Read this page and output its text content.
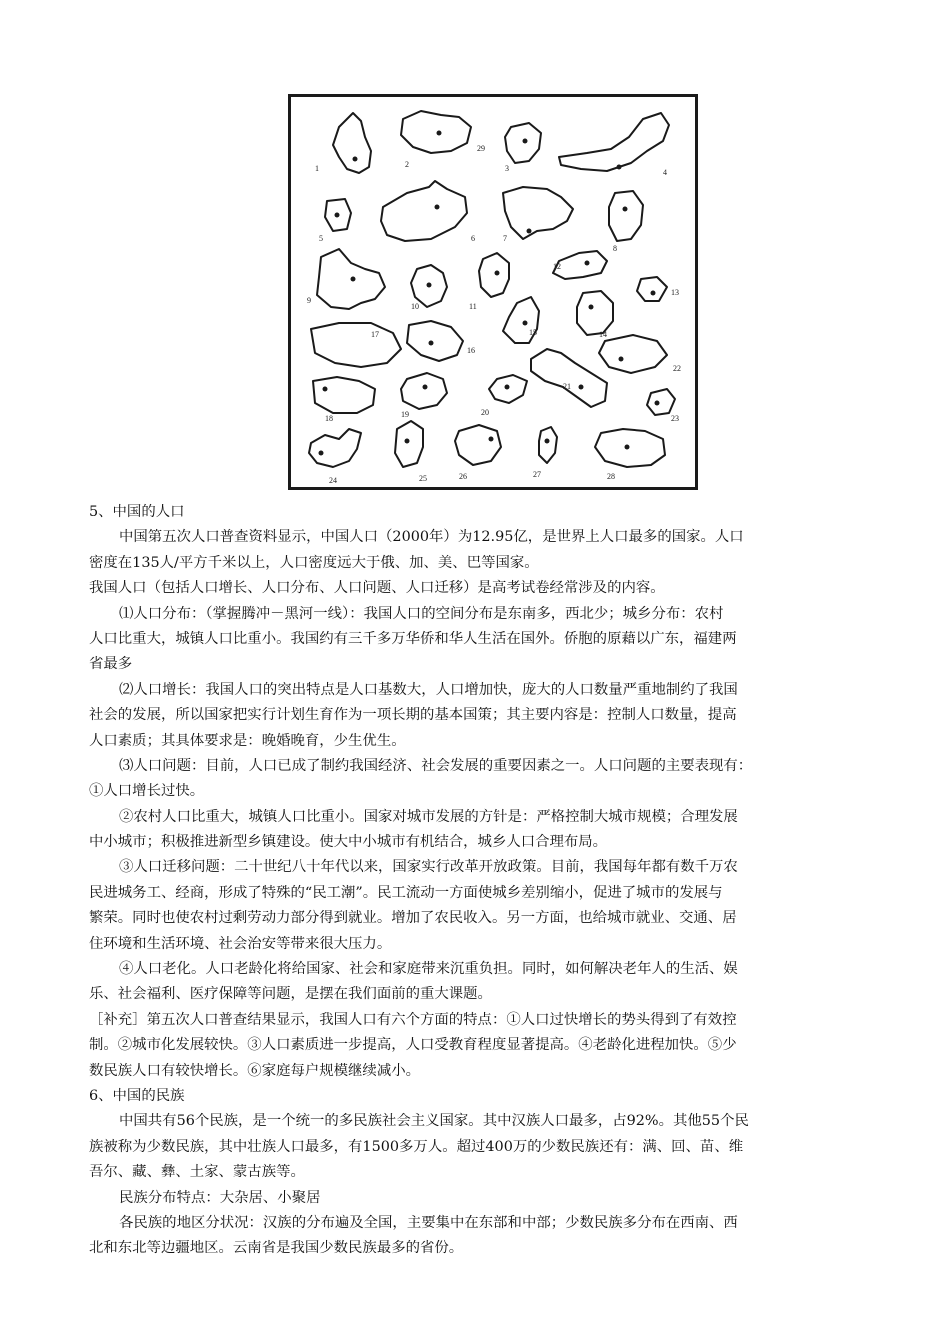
1	2
29
3	4
5	6	7
8
9
10	11
12
13
14
15
16
17
18	19	20
21
22
23
24	25	26	27	28
5、中国的人口
中国第五次人口普查资料显示，中国人口（2000年）为12.95亿，是世界上人口最多的国家。人口
密度在135人/平方千米以上，人口密度远大于俄、加、美、巴等国家。
我国人口（包括人口增长、人口分布、人口问题、人口迁移）是高考试卷经常涉及的内容。
⑴人口分布：（掌握腾冲－黑河一线）：我国人口的空间分布是东南多，西北少；城乡分布：农村
人口比重大，城镇人口比重小。我国约有三千多万华侨和华人生活在国外。侨胞的原藉以广东，福建两
省最多
⑵人口增长：我国人口的突出特点是人口基数大，人口增加快，庞大的人口数量严重地制约了我国
社会的发展，所以国家把实行计划生育作为一项长期的基本国策；其主要内容是：控制人口数量，提高
人口素质；其具体要求是：晚婚晚育，少生优生。
⑶人口问题：目前，人口已成了制约我国经济、社会发展的重要因素之一。人口问题的主要表现有：
①人口增长过快。
②农村人口比重大，城镇人口比重小。国家对城市发展的方针是：严格控制大城市规模；合理发展
中小城市；积极推进新型乡镇建设。使大中小城市有机结合，城乡人口合理布局。
③人口迁移问题：二十世纪八十年代以来，国家实行改革开放政策。目前，我国每年都有数千万农
民进城务工、经商，形成了特殊的“民工潮”。民工流动一方面使城乡差别缩小，促进了城市的发展与
繁荣。同时也使农村过剩劳动力部分得到就业。增加了农民收入。另一方面，也给城市就业、交通、居
住环境和生活环境、社会治安等带来很大压力。
④人口老化。人口老龄化将给国家、社会和家庭带来沉重负担。同时，如何解决老年人的生活、娱
乐、社会福利、医疗保障等问题，是摆在我们面前的重大课题。
［补充］第五次人口普查结果显示，我国人口有六个方面的特点：①人口过快增长的势头得到了有效控
制。②城市化发展较快。③人口素质进一步提高，人口受教育程度显著提高。④老龄化进程加快。⑤少
数民族人口有较快增长。⑥家庭每户规模继续减小。
6、中国的民族
中国共有56个民族，是一个统一的多民族社会主义国家。其中汉族人口最多，占92%。其他55个民
族被称为少数民族，其中壮族人口最多，有1500多万人。超过400万的少数民族还有：满、回、苗、维
吾尔、藏、彝、土家、蒙古族等。
民族分布特点：大杂居、小聚居
各民族的地区分状况：汉族的分布遍及全国，主要集中在东部和中部；少数民族多分布在西南、西
北和东北等边疆地区。云南省是我国少数民族最多的省份。
